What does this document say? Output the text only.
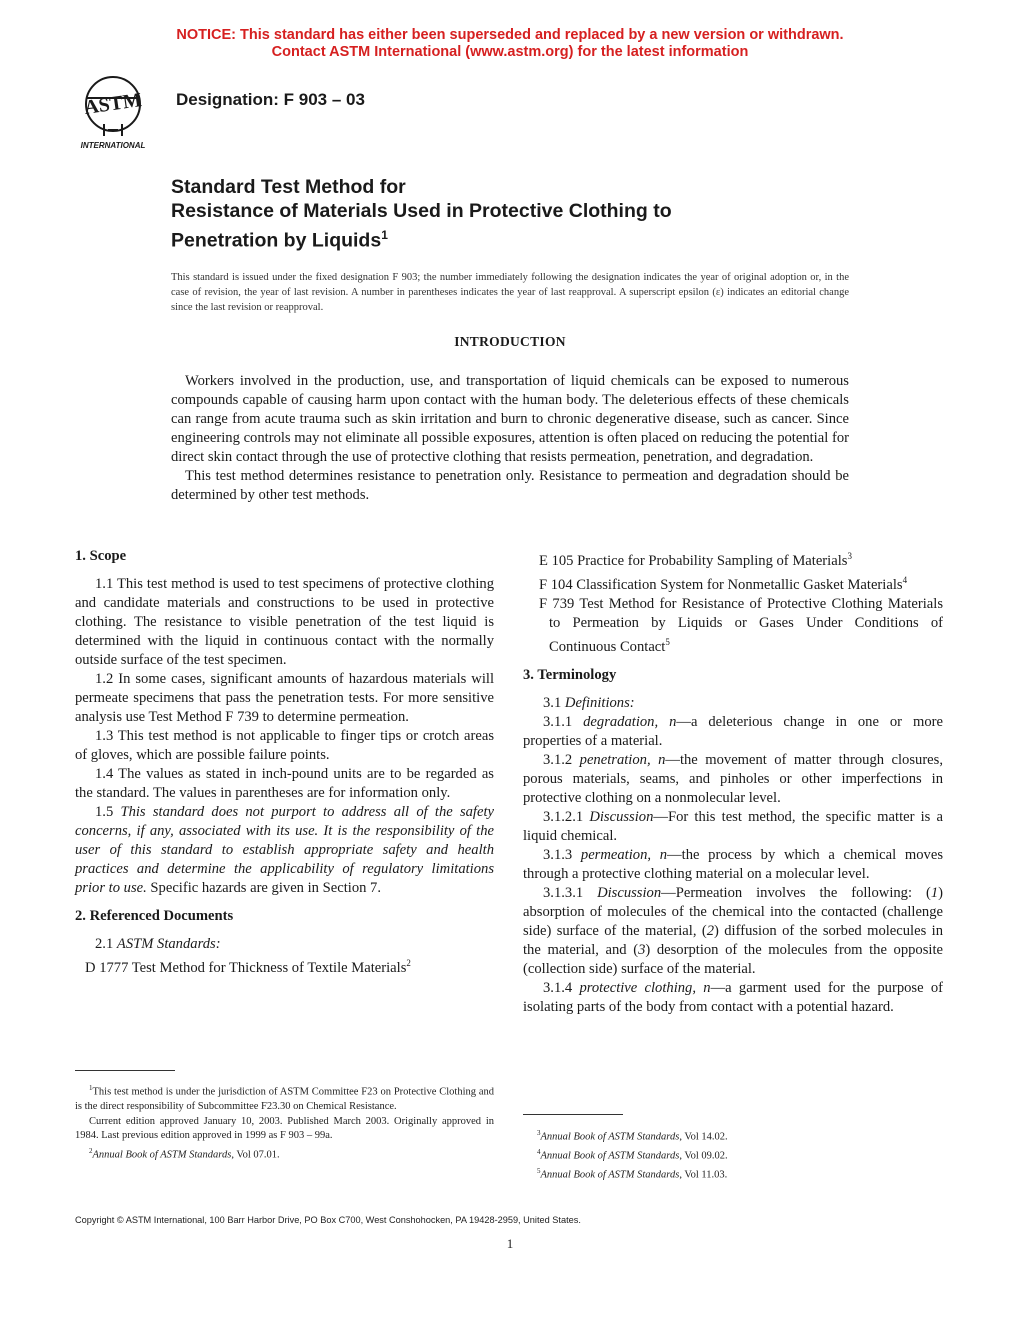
NOTICE: This standard has either been superseded and replaced by a new version or withdrawn.
Contact ASTM International (www.astm.org) for the latest information
ASTM
INTERNATIONAL
Designation: F 903 – 03
Standard Test Method for
Resistance of Materials Used in Protective Clothing to
Penetration by Liquids$^1$
This standard is issued under the fixed designation F 903; the number immediately following the designation indicates the year of original adoption or, in the case of revision, the year of last revision. A number in parentheses indicates the year of last reapproval. A superscript epsilon (ε) indicates an editorial change since the last revision or reapproval.
INTRODUCTION

Workers involved in the production, use, and transportation of liquid chemicals can be exposed to numerous compounds capable of causing harm upon contact with the human body. The deleterious effects of these chemicals can range from acute trauma such as skin irritation and burn to chronic degenerative disease, such as cancer. Since engineering controls may not eliminate all possible exposures, attention is often placed on reducing the potential for direct skin contact through the use of protective clothing that resists permeation, penetration, and degradation.

This test method determines resistance to penetration only. Resistance to permeation and degradation should be determined by other test methods.

1. Scope

1.1 This test method is used to test specimens of protective clothing and candidate materials and constructions to be used in protective clothing. The resistance to visible penetration of the test liquid is determined with the liquid in continuous contact with the normally outside surface of the test specimen.

1.2 In some cases, significant amounts of hazardous materials will permeate specimens that pass the penetration tests. For more sensitive analysis use Test Method F 739 to determine permeation.

1.3 This test method is not applicable to finger tips or crotch areas of gloves, which are possible failure points.

1.4 The values as stated in inch-pound units are to be regarded as the standard. The values in parentheses are for information only.

1.5 This standard does not purport to address all of the safety concerns, if any, associated with its use. It is the responsibility of the user of this standard to establish appropriate safety and health practices and determine the applicability of regulatory limitations prior to use. Specific hazards are given in Section 7.

2. Referenced Documents

2.1 ASTM Standards:

D 1777 Test Method for Thickness of Textile Materials$^2$

E 105 Practice for Probability Sampling of Materials$^3$

F 104 Classification System for Nonmetallic Gasket Materials$^4$

F 739 Test Method for Resistance of Protective Clothing Materials to Permeation by Liquids or Gases Under Conditions of Continuous Contact$^5$

3. Terminology

3.1 Definitions:

3.1.1 degradation, n—a deleterious change in one or more properties of a material.

3.1.2 penetration, n—the movement of matter through closures, porous materials, seams, and pinholes or other imperfections in protective clothing on a nonmolecular level.

3.1.2.1 Discussion—For this test method, the specific matter is a liquid chemical.

3.1.3 permeation, n—the process by which a chemical moves through a protective clothing material on a molecular level.

3.1.3.1 Discussion—Permeation involves the following: (1) absorption of molecules of the chemical into the contacted (challenge side) surface of the material, (2) diffusion of the sorbed molecules in the material, and (3) desorption of the molecules from the opposite (collection side) surface of the material.

3.1.4 protective clothing, n—a garment used for the purpose of isolating parts of the body from contact with a potential hazard.

$^1$This test method is under the jurisdiction of ASTM Committee F23 on Protective Clothing and is the direct responsibility of Subcommittee F23.30 on Chemical Resistance.

Current edition approved January 10, 2003. Published March 2003. Originally approved in 1984. Last previous edition approved in 1999 as F 903 – 99a.

$^2$Annual Book of ASTM Standards, Vol 07.01.

$^3$Annual Book of ASTM Standards, Vol 14.02.

$^4$Annual Book of ASTM Standards, Vol 09.02.

$^5$Annual Book of ASTM Standards, Vol 11.03.

Copyright © ASTM International, 100 Barr Harbor Drive, PO Box C700, West Conshohocken, PA 19428-2959, United States.
1
